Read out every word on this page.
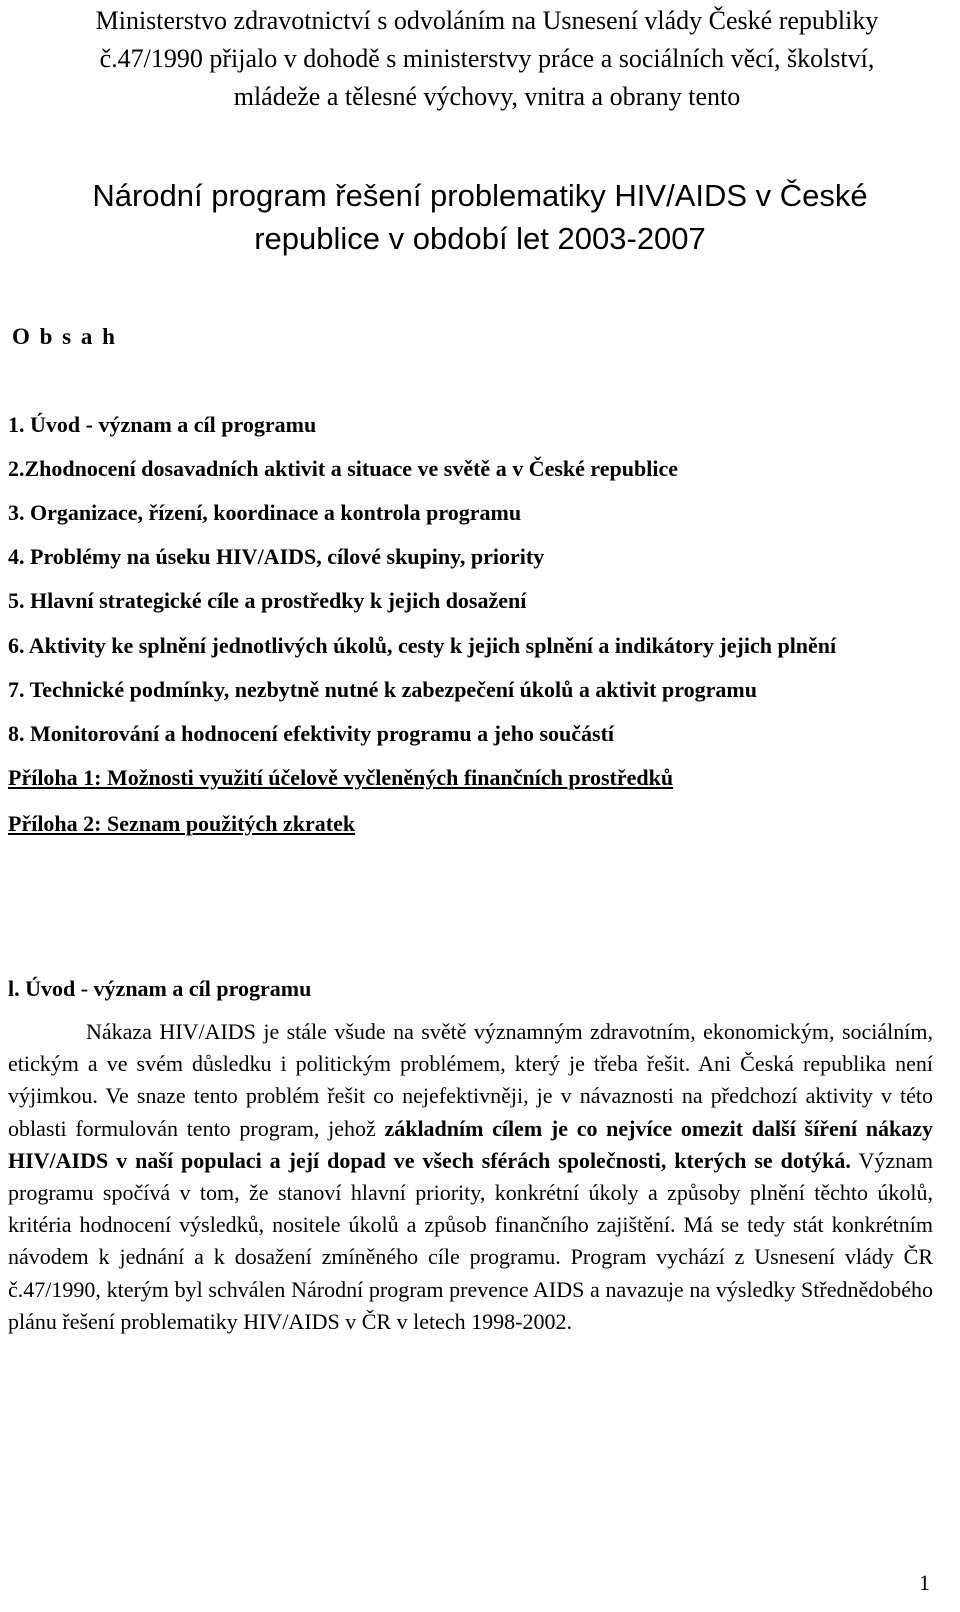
Ministerstvo zdravotnictví s odvoláním na Usnesení vlády České republiky č.47/1990 přijalo v dohodě s ministerstvy práce a sociálních věcí, školství, mládeže a tělesné výchovy, vnitra a obrany tento
Národní program řešení problematiky HIV/AIDS v České republice v období let 2003-2007
O b s a h
1. Úvod - význam a cíl programu
2.Zhodnocení dosavadních aktivit a situace ve světě a v České republice
3. Organizace, řízení, koordinace a kontrola programu
4. Problémy na úseku HIV/AIDS, cílové skupiny, priority
5. Hlavní strategické cíle a prostředky k jejich dosažení
6. Aktivity ke splnění jednotlivých úkolů, cesty k jejich splnění a indikátory jejich plnění
7. Technické podmínky, nezbytně nutné k zabezpečení úkolů a aktivit programu
8. Monitorování a hodnocení efektivity programu a jeho součástí
Příloha 1: Možnosti využití účelově vyčleněných finančních prostředků
Příloha 2: Seznam použitých zkratek
l. Úvod - význam a cíl programu
Nákaza HIV/AIDS je stále všude na světě významným zdravotním, ekonomickým, sociálním, etickým a ve svém důsledku i politickým problémem, který je třeba řešit. Ani Česká republika není výjimkou. Ve snaze tento problém řešit co nejefektivněji, je v návaznosti na předchozí aktivity v této oblasti formulován tento program, jehož základním cílem je co nejvíce omezit další šíření nákazy HIV/AIDS v naší populaci a její dopad ve všech sférách společnosti, kterých se dotýká. Význam programu spočívá v tom, že stanoví hlavní priority, konkrétní úkoly a způsoby plnění těchto úkolů, kritéria hodnocení výsledků, nositele úkolů a způsob finančního zajištění. Má se tedy stát konkrétním návodem k jednání a k dosažení zmíněného cíle programu. Program vychází z Usnesení vlády ČR č.47/1990, kterým byl schválen Národní program prevence AIDS a navazuje na výsledky Střednědobého plánu řešení problematiky HIV/AIDS v ČR v letech 1998-2002.
1
